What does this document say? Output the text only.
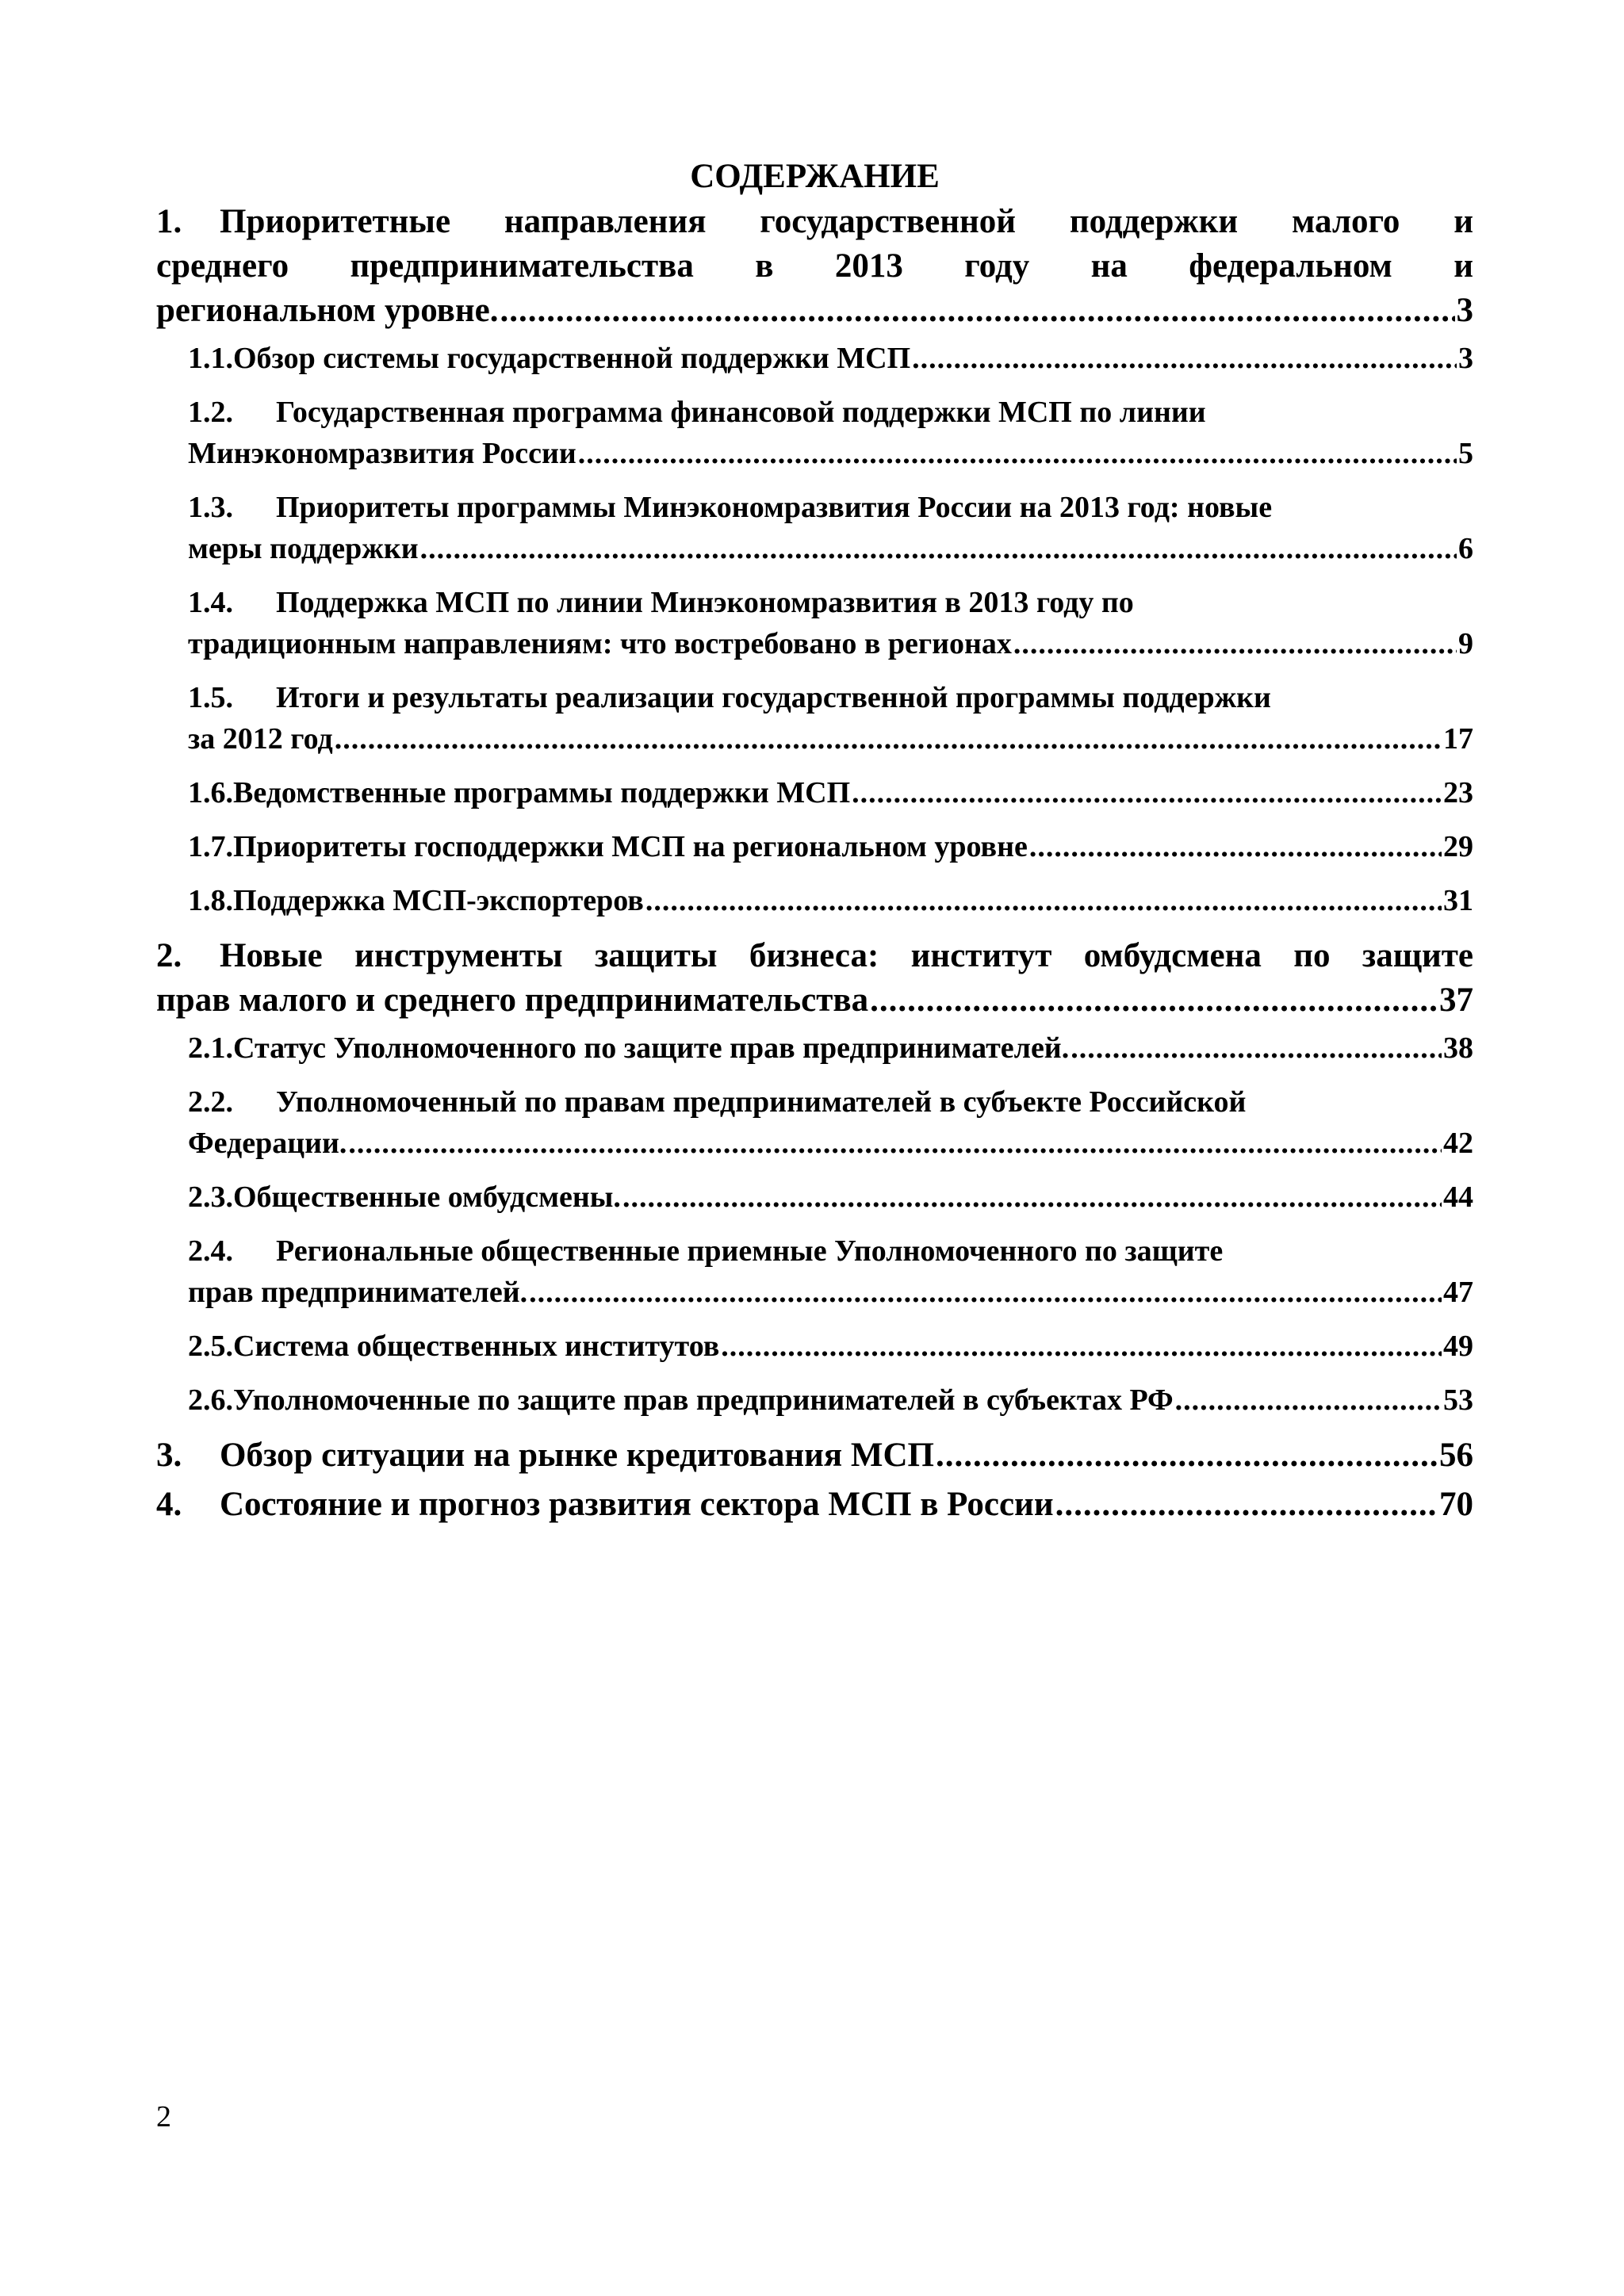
СОДЕРЖАНИЕ
1. Приоритетные направления государственной поддержки малого и
среднего предпринимательства в 2013 году на федеральном и
региональном уровне. .....	3
1.1. Обзор системы государственной поддержки МСП .....	3
1.2.	Государственная программа финансовой поддержки МСП по линии
Минэкономразвития России .....	5
1.3.	Приоритеты программы Минэкономразвития России на 2013 год: новые
меры поддержки .....	6
1.4.	Поддержка МСП по линии Минэкономразвития в 2013 году по
традиционным направлениям: что востребовано в регионах .....	9
1.5.	Итоги и результаты реализации государственной программы поддержки
за 2012 год .....	17
1.6. Ведомственные программы поддержки МСП .....	23
1.7. Приоритеты господдержки МСП на региональном уровне .....	29
1.8. Поддержка МСП-экспортеров .....	31
2. Новые инструменты защиты бизнеса: институт омбудсмена по защите
прав малого и среднего предпринимательства .....	37
2.1. Статус Уполномоченного по защите прав предпринимателей. .....	38
2.2.	Уполномоченный по правам предпринимателей в субъекте Российской
Федерации. .....	42
2.3. Общественные омбудсмены. .....	44
2.4.	Региональные общественные приемные Уполномоченного по защите
прав предпринимателей. .....	47
2.5. Система общественных институтов .....	49
2.6. Уполномоченные по защите прав предпринимателей в субъектах РФ .....	53
3.	Обзор ситуации на рынке кредитования МСП .....	56
4.	Состояние и прогноз развития сектора МСП в России .....	70
2
